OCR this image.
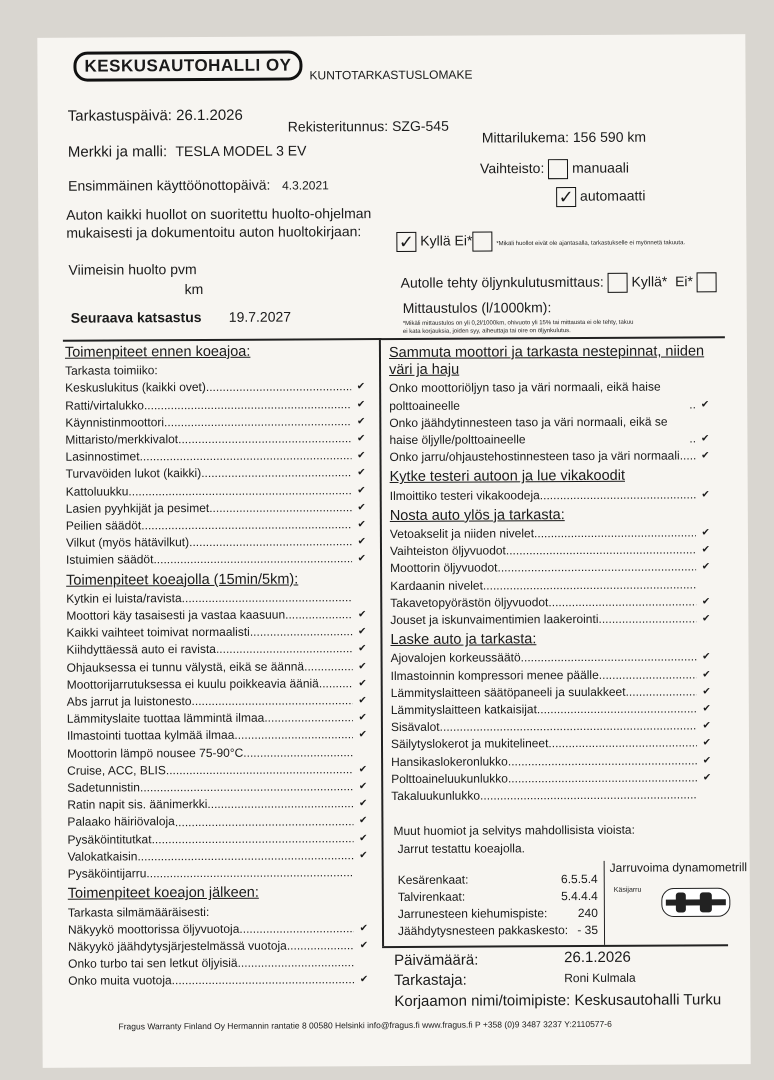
KESKUSAUTOHALLI OY	KUNTOTARKASTUSLOMAKE
Tarkastuspäivä: 26.1.2026
Rekisteritunnus: SZG-545
Mittarilukema: 156 590 km
Merkki ja malli: TESLA MODEL 3 EV
Vaihteisto: manuaali
✓ automaatti
Ensimmäinen käyttöönottopäivä: 4.3.2021
Auton kaikki huollot on suoritettu huolto-ohjelman
mukaisesti ja dokumentoitu auton huoltokirjaan:	✓ Kyllä Ei*	*Mikäli huollot eivät ole ajantasalla, tarkastukselle ei myönnetä takuuta.
Viimeisin huolto pvm
km	Autolle tehty öljynkulutusmittaus: Kyllä* Ei*
Mittaustulos (l/1000km):
*Mikäli mittaustulos on yli 0,2l/1000km, ohivuoto yli 15% tai mittausta ei ole tehty, takuu
ei kata korjauksia, joiden syy, aiheuttaja tai oire on öljynkulutus.
Seuraava katsastus 19.7.2027
Toimenpiteet ennen koeajoa:
Tarkasta toimiiko:
Keskuslukitus (kaikki ovet) .....	✔
Ratti/virtalukko .....	✔
Käynnistinmoottori .....	✔
Mittaristo/merkkivalot .....	✔
Lasinnostimet .....	✔
Turvavöiden lukot (kaikki) .....	✔
Kattoluukku .....	✔
Lasien pyyhkijät ja pesimet .....	✔
Peilien säädöt .....	✔
Vilkut (myös hätävilkut) .....	✔
Istuimien säädöt .....	✔
Toimenpiteet koeajolla (15min/5km):
Kytkin ei luista/ravista
.....
Moottori käy tasaisesti ja vastaa kaasuun .....	✔
Kaikki vaihteet toimivat normaalisti .....	✔
Kiihdyttäessä auto ei ravista .....	✔
Ohjauksessa ei tunnu välystä, eikä se äännä .....	✔
Moottorijarrutuksessa ei kuulu poikkeavia ääniä .....	✔
Abs jarrut ja luistonesto .....	✔
Lämmityslaite tuottaa lämmintä ilmaa .....	✔
Ilmastointi tuottaa kylmää ilmaa .....	✔
Moottorin lämpö nousee 75-90°C
.....
Cruise, ACC, BLIS .....	✔
Sadetunnistin .....	✔
Ratin napit sis. äänimerkki .....	✔
Palaako häiriövaloja .....	✔
Pysäköintitutkat .....	✔
Valokatkaisin .....	✔
Pysäköintijarru
.....
Toimenpiteet koeajon jälkeen:
Tarkasta silmämääräisesti:
Näkyykö moottorissa öljyvuotoja .....	✔
Näkyykö jäähdytysjärjestelmässä vuotoja .....	✔
Onko turbo tai sen letkut öljyisiä
.....
Onko muita vuotoja .....	✔
Sammuta moottori ja tarkasta nestepinnat, niiden väri ja haju
Onko moottoriöljyn taso ja väri normaali, eikä haise polttoaineelle .....	✔
Onko jäähdytinnesteen taso ja väri normaali, eikä se haise öljylle/polttoaineelle .....	✔
Onko jarru/ohjaustehostinnesteen taso ja väri normaali .....	✔
Kytke testeri autoon ja lue vikakoodit
Ilmoittiko testeri vikakoodeja .....	✔
Nosta auto ylös ja tarkasta:
Vetoakselit ja niiden nivelet .....	✔
Vaihteiston öljyvuodot .....	✔
Moottorin öljyvuodot .....	✔
Kardaanin nivelet
.....
Takavetopyörästön öljyvuodot .....	✔
Jouset ja iskunvaimentimien laakerointi .....	✔
Laske auto ja tarkasta:
Ajovalojen korkeussäätö .....	✔
Ilmastoinnin kompressori menee päälle .....	✔
Lämmityslaitteen säätöpaneeli ja suulakkeet .....	✔
Lämmityslaitteen katkaisijat .....	✔
Sisävalot .....	✔
Säilytyslokerot ja mukitelineet .....	✔
Hansikaslokeronlukko .....	✔
Polttoaineluukunlukko .....	✔
Takaluukunlukko
.....
Muut huomiot ja selvitys mahdollisista vioista:
Jarrut testattu koeajolla.
Kesärenkaat:	6.5.5.4
Talvirenkaat:	5.4.4.4
Jarrunesteen kiehumispiste:	240
Jäähdytysnesteen pakkaskesto: - 35
Jarruvoima dynamometrill
Käsijarru
Päivämäärä:	26.1.2026
Tarkastaja:	Roni Kulmala
Korjaamon nimi/toimipiste: Keskusautohalli Turku
Fragus Warranty Finland Oy Hermannin rantatie 8 00580 Helsinki info@fragus.fi www.fragus.fi P +358 (0)9 3487 3237 Y:2110577-6
